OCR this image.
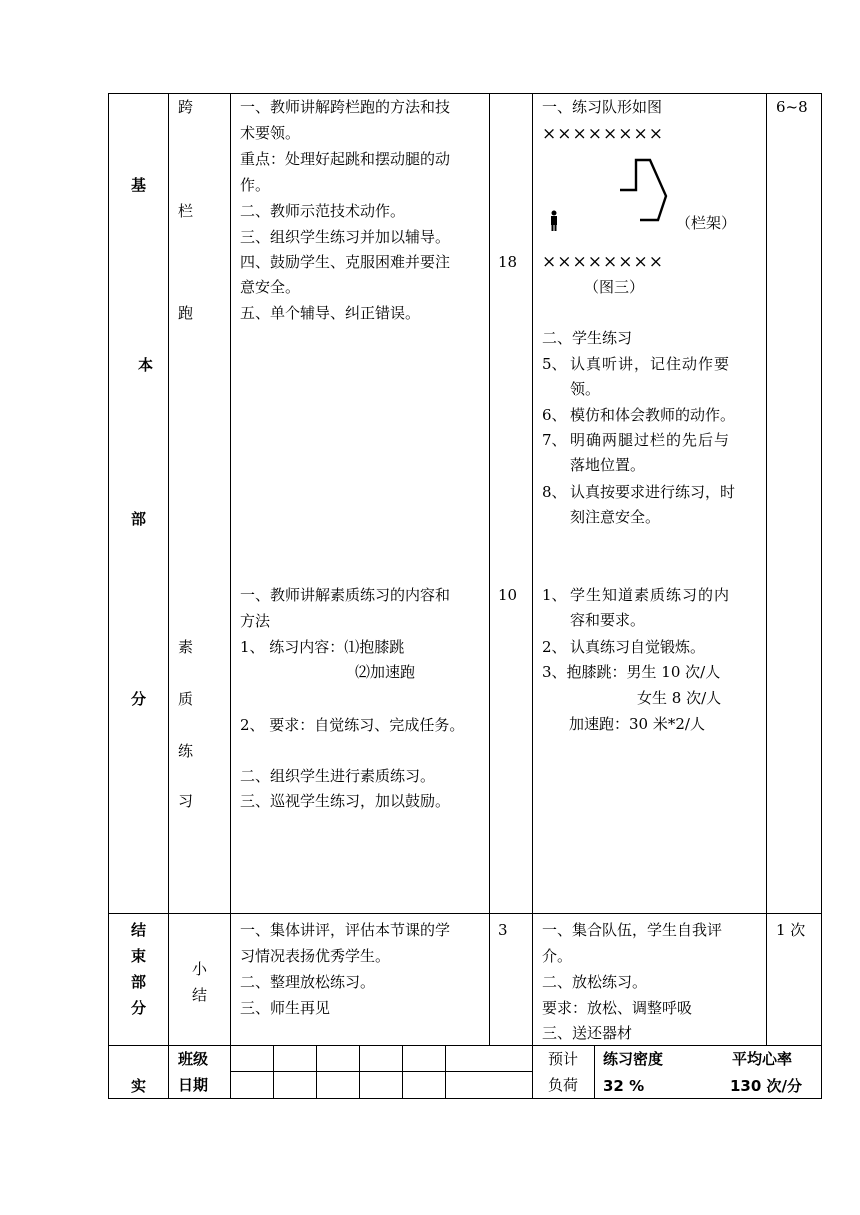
基
本
部
分
跨
栏
跑
一、教师讲解跨栏跑的方法和技
术要领。
重点：处理好起跳和摆动腿的动
作。
二、教师示范技术动作。
三、组织学生练习并加以辅导。
四、鼓励学生、克服困难并要注
意安全。
五、单个辅导、纠正错误。
18
一、练习队形如图
××××××××
（栏架）
××××××××
（图三）
二、学生练习
5、 认真听讲，记住动作要
领。
6、 模仿和体会教师的动作。
7、 明确两腿过栏的先后与
落地位置。
8、 认真按要求进行练习，时
刻注意安全。
6~8
素
质
练
习
一、教师讲解素质练习的内容和
方法
1、 练习内容：⑴抱膝跳
⑵加速跑
2、 要求：自觉练习、完成任务。
二、组织学生进行素质练习。
三、巡视学生练习，加以鼓励。
10 1、 学生知道素质练习的内
容和要求。
2、 认真练习自觉锻炼。
3、抱膝跳：男生 10 次/人
女生 8 次/人
加速跑：30 米*2/人
结
束
部
分
小
结
一、集体讲评，评估本节课的学
习情况表扬优秀学生。
二、整理放松练习。
三、师生再见
3 一、集合队伍，学生自我评
介。
二、放松练习。
要求：放松、调整呼吸
三、送还器材
1 次
实
班级
日期
预计
负荷
练习密度
32 %
平均心率
130 次/分
